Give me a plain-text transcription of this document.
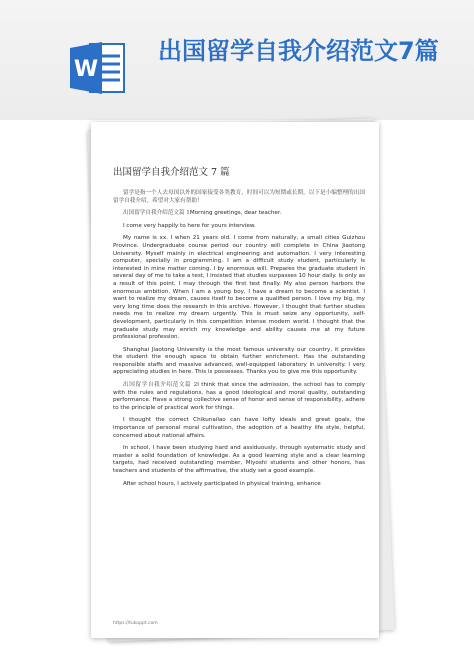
W
出国留学自我介绍范文7篇
出国留学自我介绍范文 7 篇

留学是指一个人去母国以外的国家接受各类教育，时间可以为短期或长期，以下是小编整理的出国留学自我介绍，希望对大家有帮助！

出国留学自我介绍范文篇 1Morning greetings, dear teacher.

I come very happily to here for yours interview.

My name is xx. I when 21 years old. I come from naturally, a small cities Guizhou Province. Undergraduate course period our country will complete in China Jiaotong University. Myself mainly in electrical engineering and automation. I very interesting computer, specially in programming. I am a difficult study student, particularly is interested in mine matter coming. I by enormous will. Prepares the graduate student in several day of me to take a test, I insisted that studies surpasses 10 hour daily. Is only as a result of this point, I may through the first test finally. My also person harbors the enormous ambition. When I am a young boy, I have a dream to become a scientist. I want to realize my dream, causes itself to become a qualified person. I love my big, my very long time does the research in this archive. However, I thought that further studies needs me to realize my dream urgently. This is must seize any opportunity, self-development, particularly in this competition intense modern world. I thought that the graduate study may enrich my knowledge and ability causes me at my future professional profession.

Shanghai Jiaotong University is the most famous university our country, it provides the student the enough space to obtain further enrichment. Has the outstanding responsible staffs and massive advanced, well-equipped laboratory in university. I very appreciating studies in here. This is possesses. Thanks you to give me this opportunity.

出国留学自我介绍范文篇 2I think that since the admission, the school has to comply with the rules and regulations, has a good ideological and moral quality, outstanding performance. Have a strong collective sense of honor and sense of responsibility, adhere to the principle of practical work for things.

I thought the correct Chikunailao can have lofty ideals and great goals, the importance of personal moral cultivation, the adoption of a healthy life style, helpful, concerned about national affairs.

In school, I have been studying hard and assiduously, through systematic study and master a solid foundation of knowledge. As a good learning style and a clear learning targets, had received outstanding member, Miyoshi students and other honors, has teachers and students of the affirmative, the study set a good example.

After school hours, I actively participated in physical training, enhance

https://tukuppt.com
